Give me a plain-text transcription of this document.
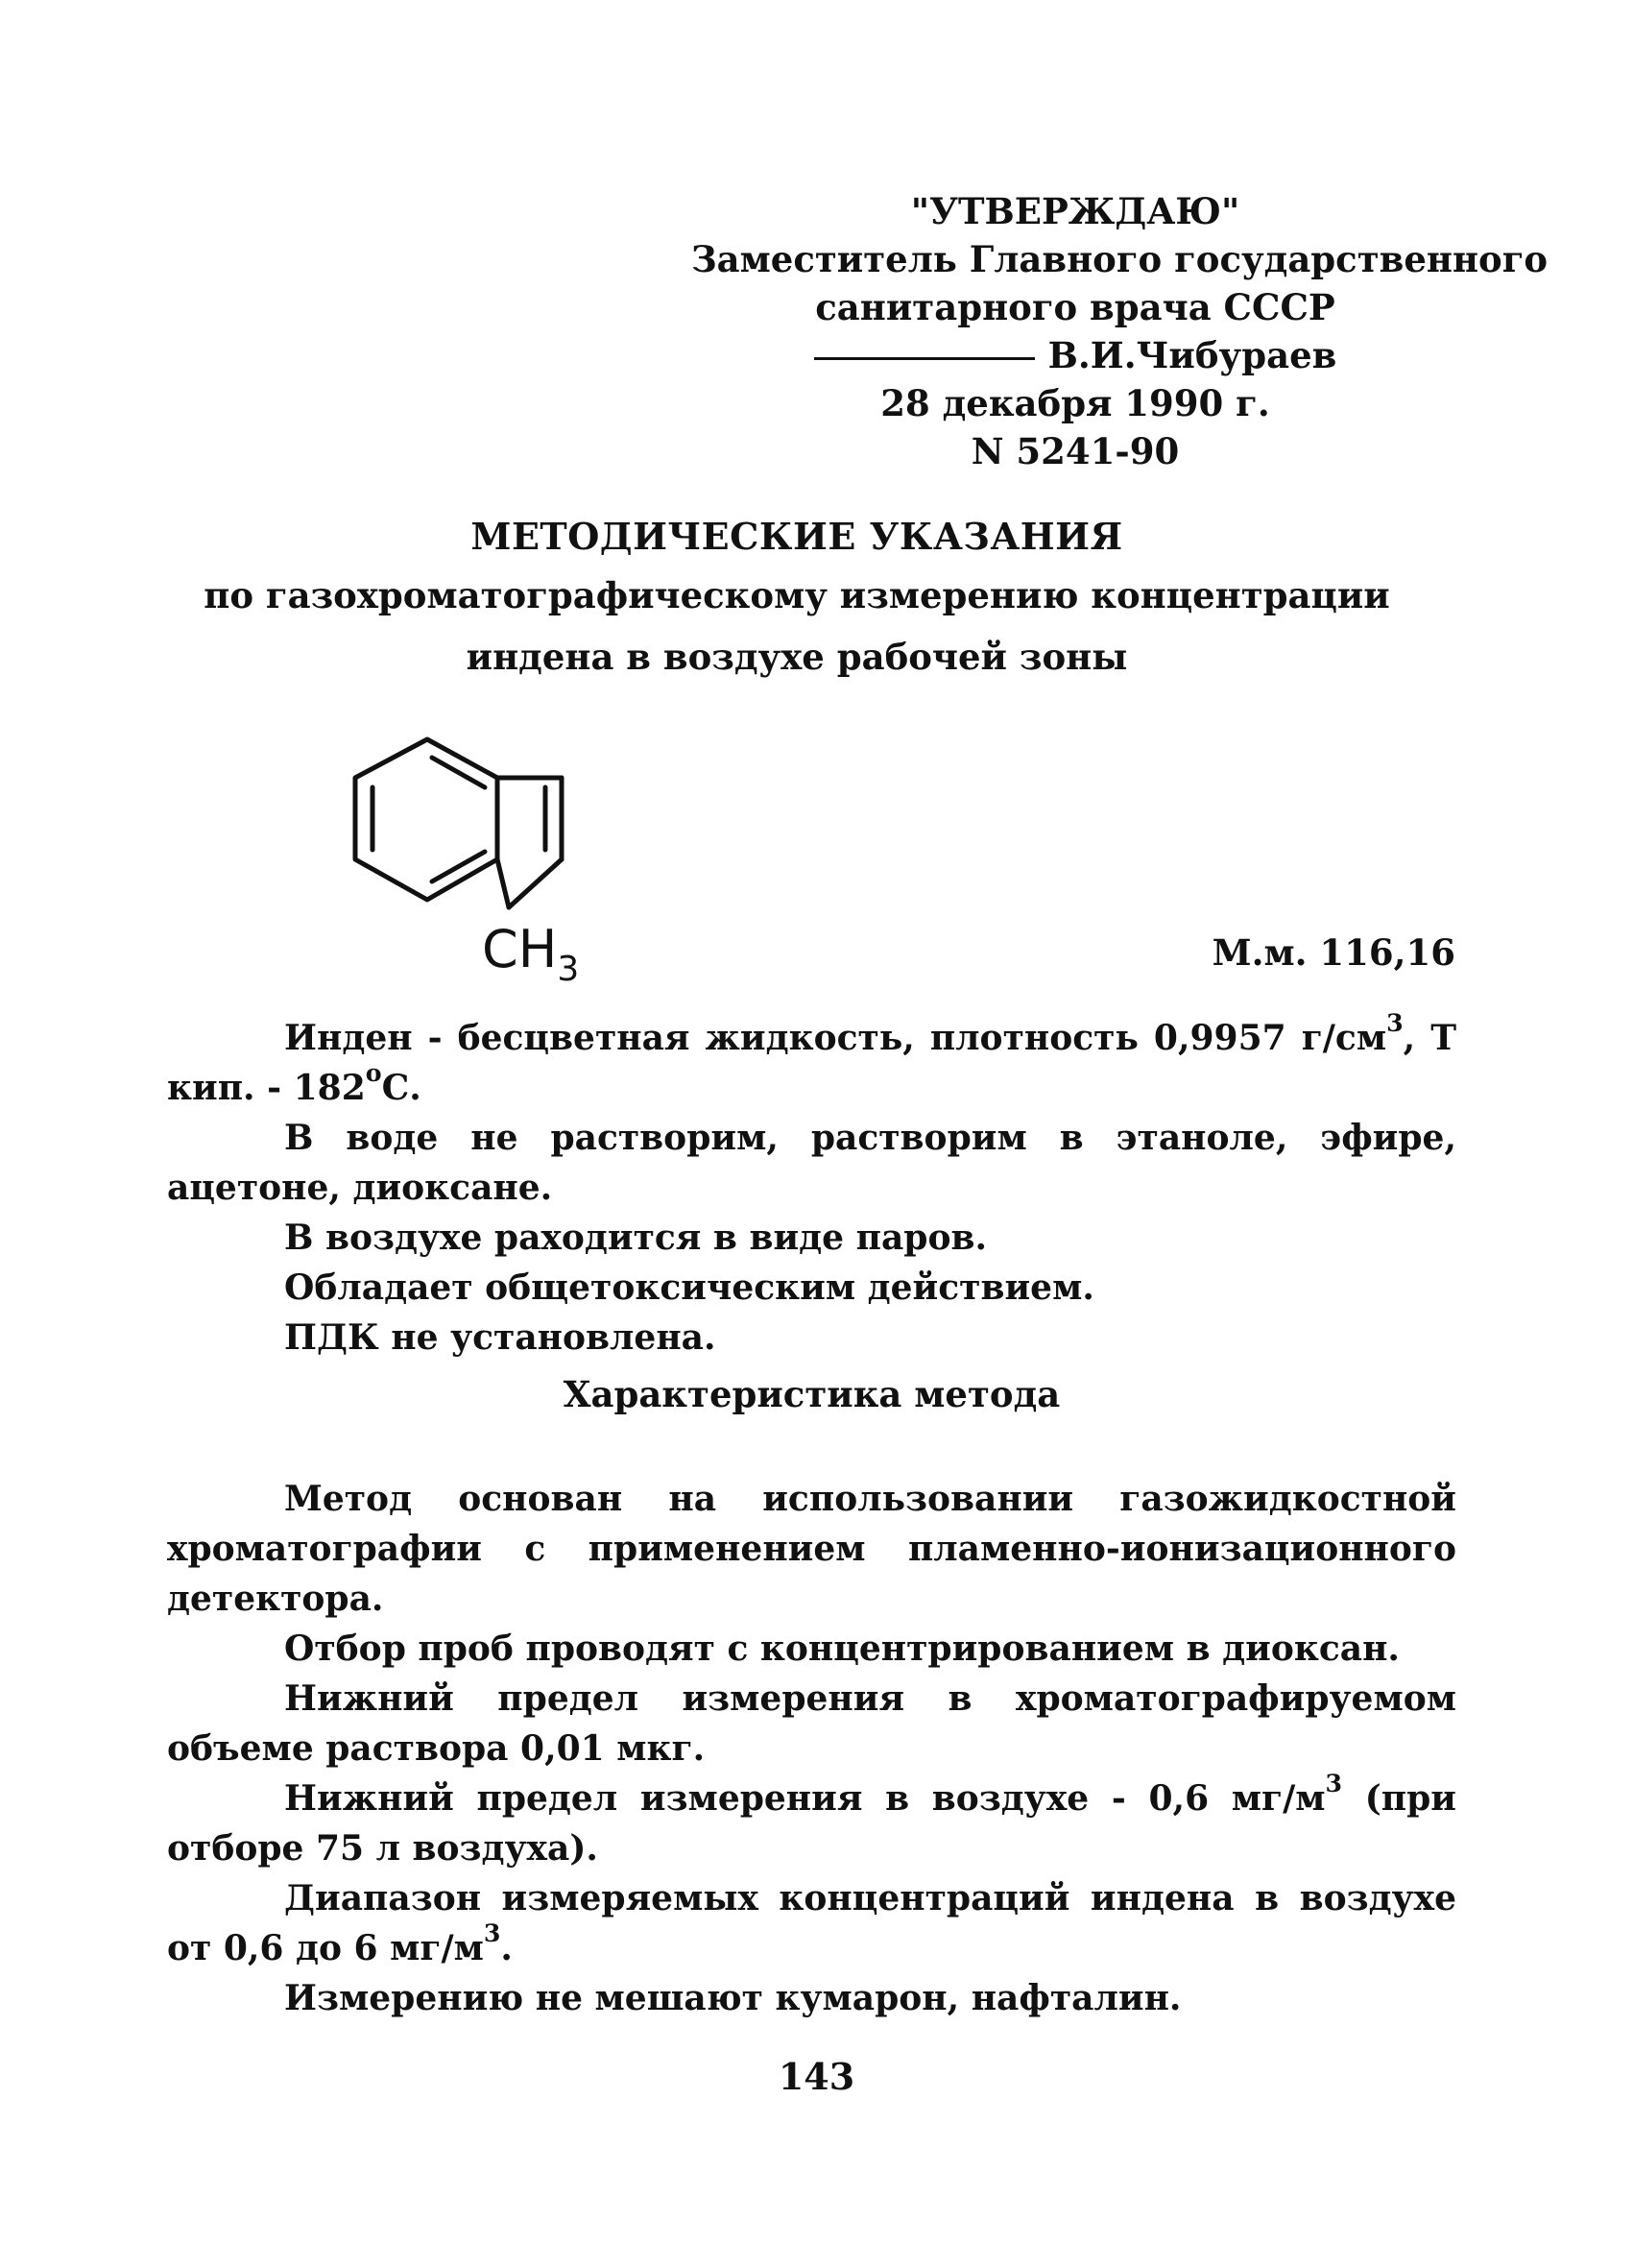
"УТВЕРЖДАЮ"
Заместитель Главного государственного
санитарного врача СССР
В.И.Чибураев
28 декабря 1990 г.
N 5241-90
МЕТОДИЧЕСКИЕ УКАЗАНИЯ
по газохроматографическому измерению концентрации
индена в воздухе рабочей зоны
$CH_3$	М.м. 116,16

Инден - бесцветная жидкость, плотность 0,9957 $г/см^3$, Т кип. - $182^оС$.

В воде не растворим, растворим в этаноле, эфире, ацетоне, диоксане.

В воздухе раходится в виде паров.

Обладает общетоксическим действием.

ПДК не установлена.

Характеристика метода

Метод основан на использовании газожидкостной хроматографии с применением пламенно-ионизационного детектора.

Отбор проб проводят с концентрированием в диоксан.

Нижний предел измерения в хроматографируемом объеме раствора 0,01 мкг.

Нижний предел измерения в воздухе - 0,6 $мг/м^3$ (при отборе 75 л воздуха).

Диапазон измеряемых концентраций индена в воздухе от 0,6 до 6 $мг/м^3$.

Измерению не мешают кумарон, нафталин.

143
